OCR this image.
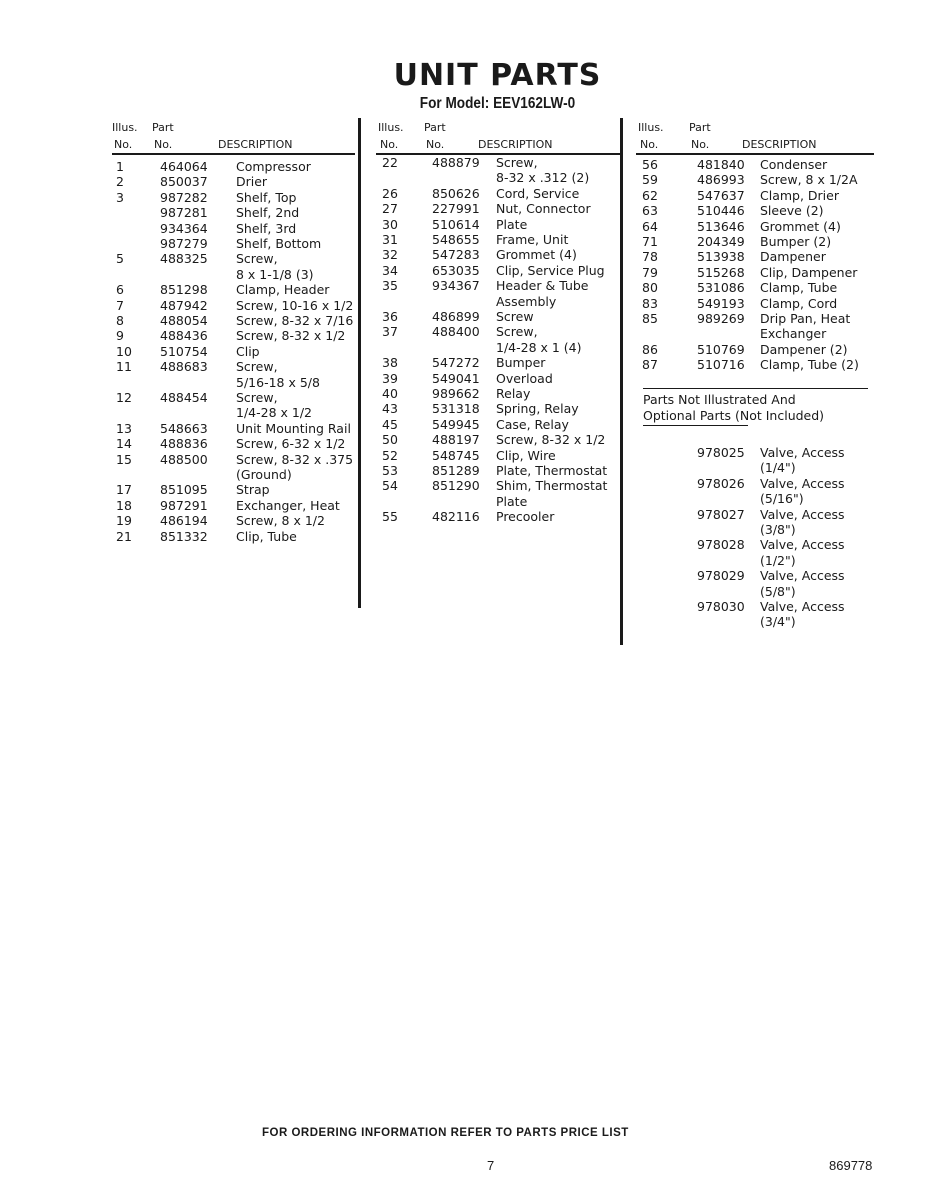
UNIT PARTS
For Model: EEV162LW-0
Parts Not Illustrated And
Optional Parts (Not Included)
FOR ORDERING INFORMATION REFER TO PARTS PRICE LIST
7	869778
Illus. Part
No. No.	DESCRIPTION
1	464064 Compressor
2	850037 Drier
3	987282 Shelf, Top
987281 Shelf, 2nd
934364 Shelf, 3rd
987279 Shelf, Bottom
5	488325 Screw,
8 x 1-1/8 (3)
6	851298 Clamp, Header
7	487942 Screw, 10-16 x 1/2
8	488054 Screw, 8-32 x 7/16
9	488436 Screw, 8-32 x 1/2
10 510754 Clip
11 488683 Screw,
5/16-18 x 5/8
12 488454 Screw,
1/4-28 x 1/2
13 548663 Unit Mounting Rail
14 488836 Screw, 6-32 x 1/2
15 488500 Screw, 8-32 x .375
(Ground)
17 851095 Strap
18 987291 Exchanger, Heat
19 486194 Screw, 8 x 1/2
21 851332 Clip, Tube
Illus. Part
No.	No.	DESCRIPTION
22	488879 Screw,
8-32 x .312 (2)
26	850626 Cord, Service
27	227991 Nut, Connector
30	510614 Plate
31	548655 Frame, Unit
32	547283 Grommet (4)
34	653035 Clip, Service Plug
35	934367 Header & Tube
Assembly
36	486899 Screw
37	488400 Screw,
1/4-28 x 1 (4)
38	547272 Bumper
39	549041 Overload
40	989662 Relay
43	531318 Spring, Relay
45	549945 Case, Relay
50	488197 Screw, 8-32 x 1/2
52	548745 Clip, Wire
53	851289 Plate, Thermostat
54	851290 Shim, Thermostat
Plate
55	482116 Precooler
Illus. Part
No.	No.	DESCRIPTION
56	481840 Condenser
59	486993 Screw, 8 x 1/2A
62	547637 Clamp, Drier
63	510446 Sleeve (2)
64	513646 Grommet (4)
71	204349 Bumper (2)
78	513938 Dampener
79	515268 Clip, Dampener
80	531086 Clamp, Tube
83	549193 Clamp, Cord
85	989269 Drip Pan, Heat
Exchanger
86	510769 Dampener (2)
87	510716 Clamp, Tube (2)
978025 Valve, Access
(1/4")
978026 Valve, Access
(5/16")
978027 Valve, Access
(3/8")
978028 Valve, Access
(1/2")
978029 Valve, Access
(5/8")
978030 Valve, Access
(3/4")
